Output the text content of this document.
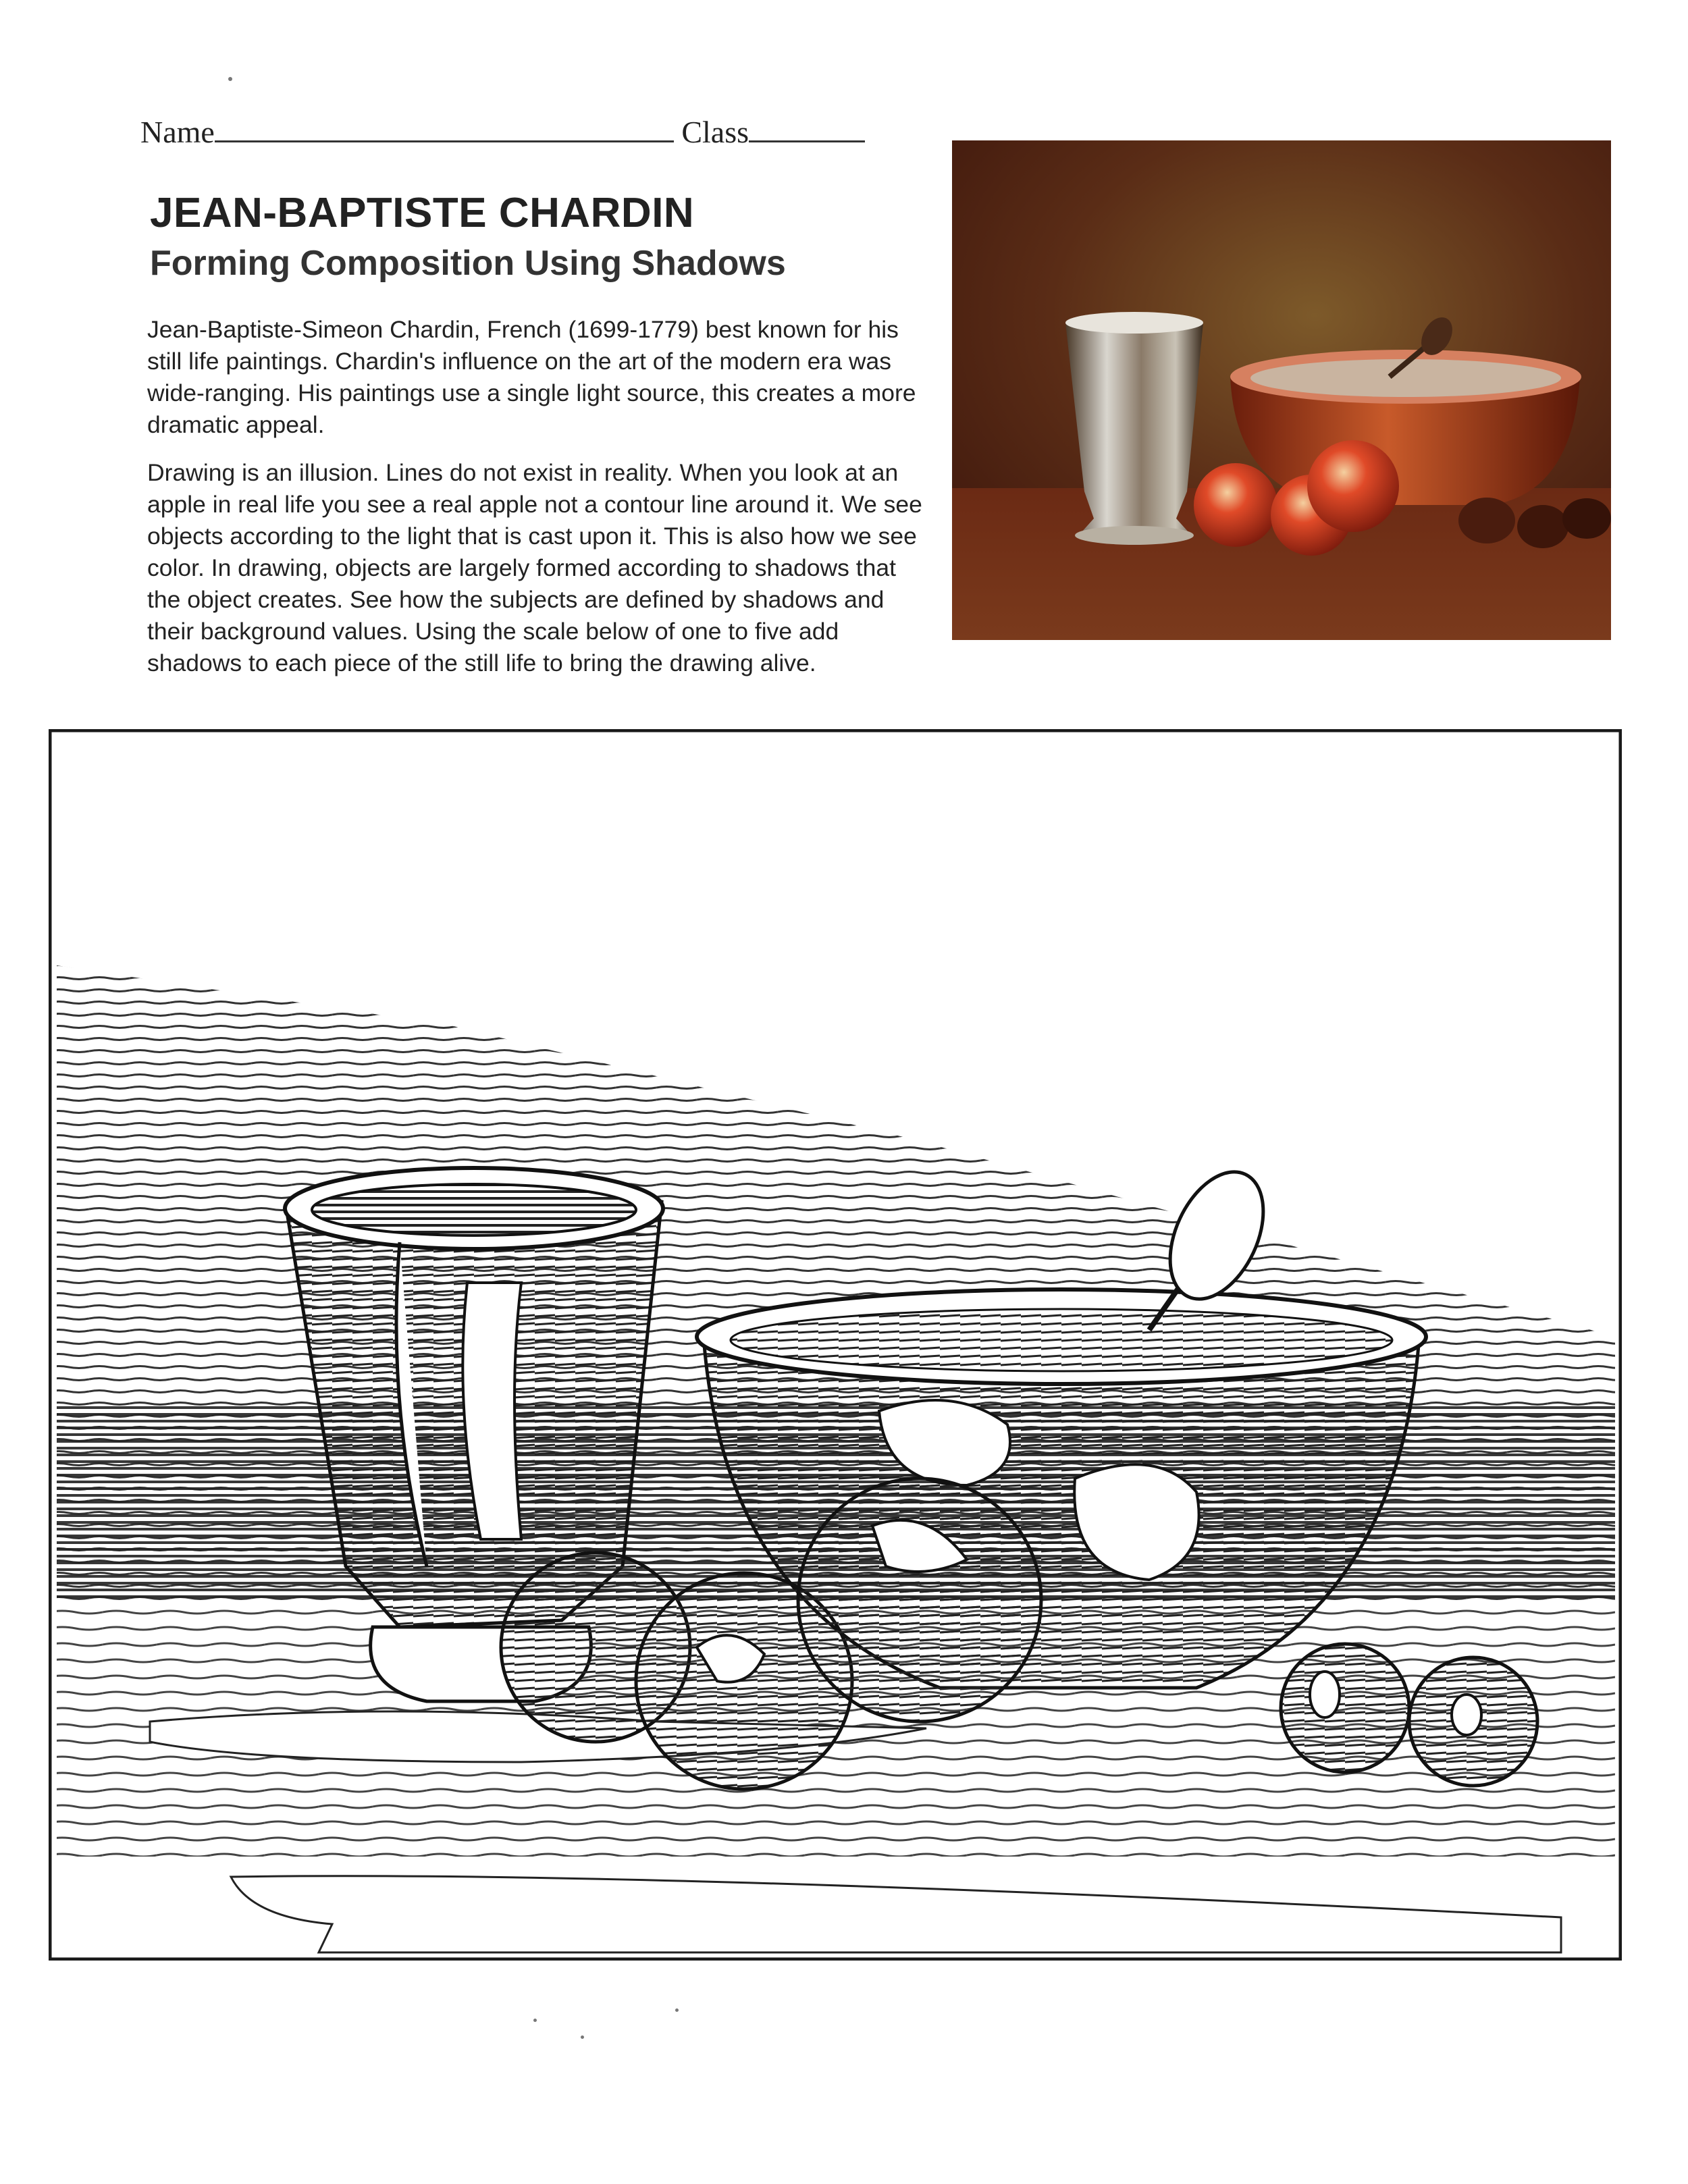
Name	Class
JEAN-BAPTISTE CHARDIN
Forming Composition Using Shadows

Jean-Baptiste-Simeon Chardin, French (1699-1779) best known for his still life paintings. Chardin's influence on the art of the modern era was wide-ranging. His paintings use a single light source, this creates a more dramatic appeal.

Drawing is an illusion. Lines do not exist in reality. When you look at an apple in real life you see a real apple not a contour line around it. We see objects according to the light that is cast upon it. This is also how we see color. In drawing, objects are largely formed according to shadows that the object creates. See how the subjects are defined by shadows and their background values. Using the scale below of one to five add shadows to each piece of the still life to bring the drawing alive.
